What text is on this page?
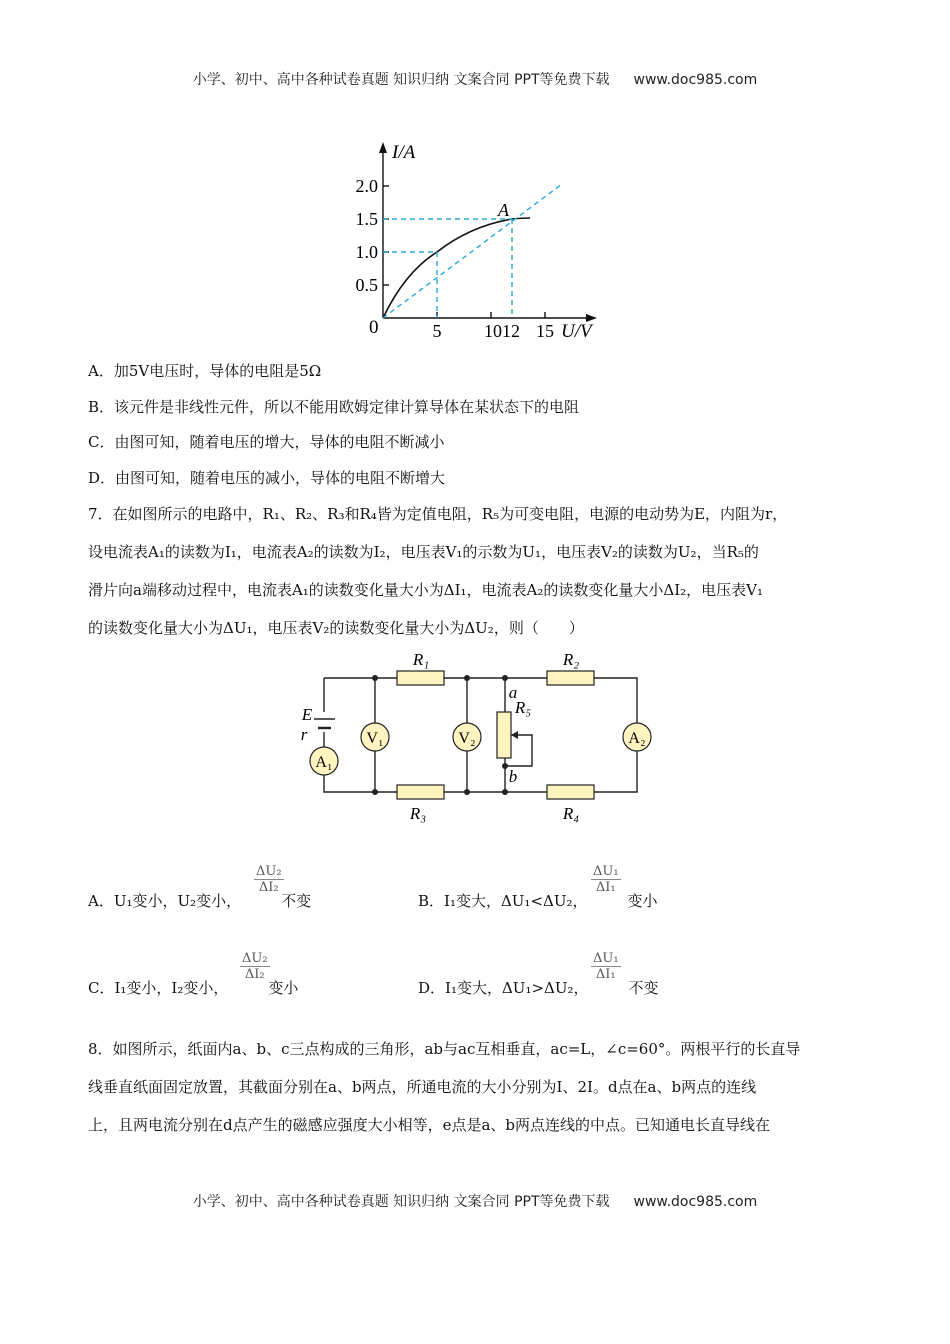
小学、初中、高中各种试卷真题 知识归纳 文案合同 PPT等免费下载 www.doc985.com
I/A
0.5
1.0
1.5
2.0
0	5 1012 15 U/V
A
A．加5V电压时，导体的电阻是5Ω
B．该元件是非线性元件，所以不能用欧姆定律计算导体在某状态下的电阻
C．由图可知，随着电压的增大，导体的电阻不断减小
D．由图可知，随着电压的减小，导体的电阻不断增大
7．在如图所示的电路中，R₁、R₂、R₃和R₄皆为定值电阻，R₅为可变电阻，电源的电动势为E，内阻为r，
设电流表A₁的读数为I₁，电流表A₂的读数为I₂，电压表V₁的示数为U₁，电压表V₂的读数为U₂，当R₅的
滑片向a端移动过程中，电流表A₁的读数变化量大小为ΔI₁，电流表A₂的读数变化量大小ΔI₂，电压表V₁
的读数变化量大小为ΔU₁，电压表V₂的读数变化量大小为ΔU₂，则（　　）
A₁
V₁	V₂	A₂
R₁	R₂
R₃	R₄
R₅
E
r
a
b
A．U₁变小，U₂变小，	不变
$\frac{\text{ΔU₂}}{\text{ΔI₂}}$
B．I₁变大，ΔU₁<ΔU₂，	变小
$\frac{\text{ΔU₁}}{\text{ΔI₁}}$
C．I₁变小，I₂变小，	变小
$\frac{\text{ΔU₂}}{\text{ΔI₂}}$
D．I₁变大，ΔU₁>ΔU₂，	不变
$\frac{\text{ΔU₁}}{\text{ΔI₁}}$
8．如图所示，纸面内a、b、c三点构成的三角形，ab与ac互相垂直，ac=L，∠c=60°。两根平行的长直导
线垂直纸面固定放置，其截面分别在a、b两点，所通电流的大小分别为I、2I。d点在a、b两点的连线
上，且两电流分别在d点产生的磁感应强度大小相等，e点是a、b两点连线的中点。已知通电长直导线在
小学、初中、高中各种试卷真题 知识归纳 文案合同 PPT等免费下载 www.doc985.com
